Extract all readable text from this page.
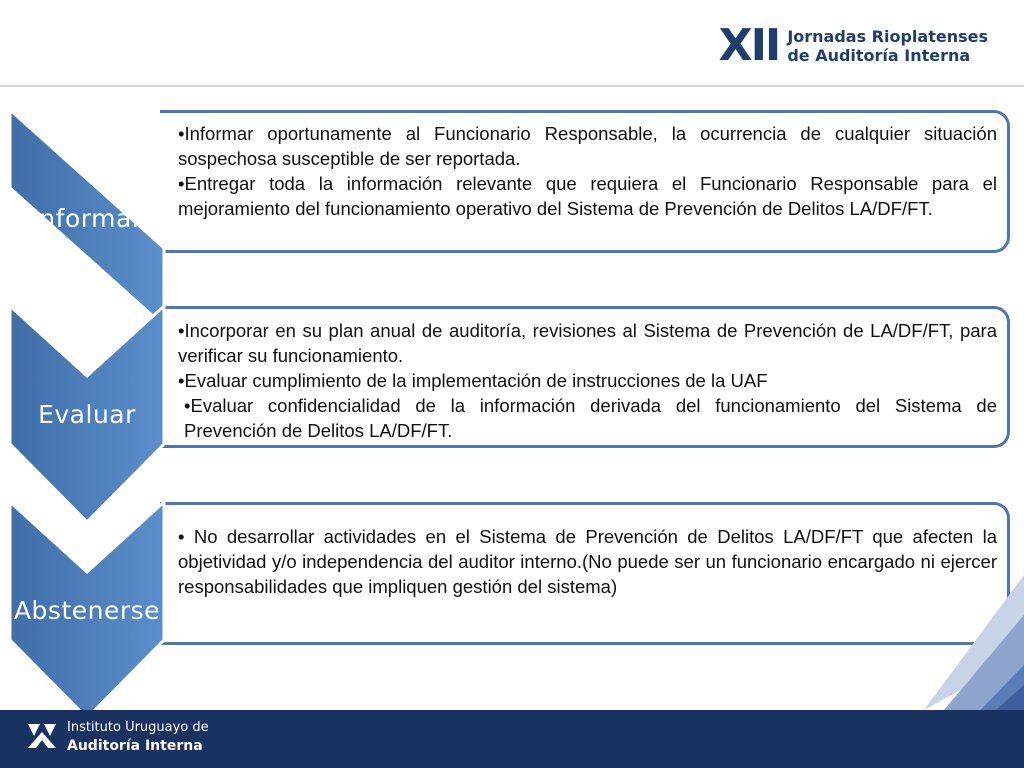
XII Jornadas Rioplatenses
de Auditoría Interna

•Informar oportunamente al Funcionario Responsable, la ocurrencia de cualquier situación sospechosa susceptible de ser reportada.

•Entregar toda la información relevante que requiera el Funcionario Responsable para el mejoramiento del funcionamiento operativo del Sistema de Prevención de Delitos LA/DF/FT.

Informar

•Incorporar en su plan anual de auditoría, revisiones al Sistema de Prevención de LA/DF/FT, para verificar su funcionamiento.

•Evaluar cumplimiento de la implementación de instrucciones de la UAF

•Evaluar confidencialidad de la información derivada del funcionamiento del Sistema de Prevención de Delitos LA/DF/FT.

Evaluar

• No desarrollar actividades en el Sistema de Prevención de Delitos LA/DF/FT que afecten la objetividad y/o independencia del auditor interno.(No puede ser un funcionario encargado ni ejercer responsabilidades que impliquen gestión del sistema)

Abstenerse
Instituto Uruguayo de
Auditoría Interna
